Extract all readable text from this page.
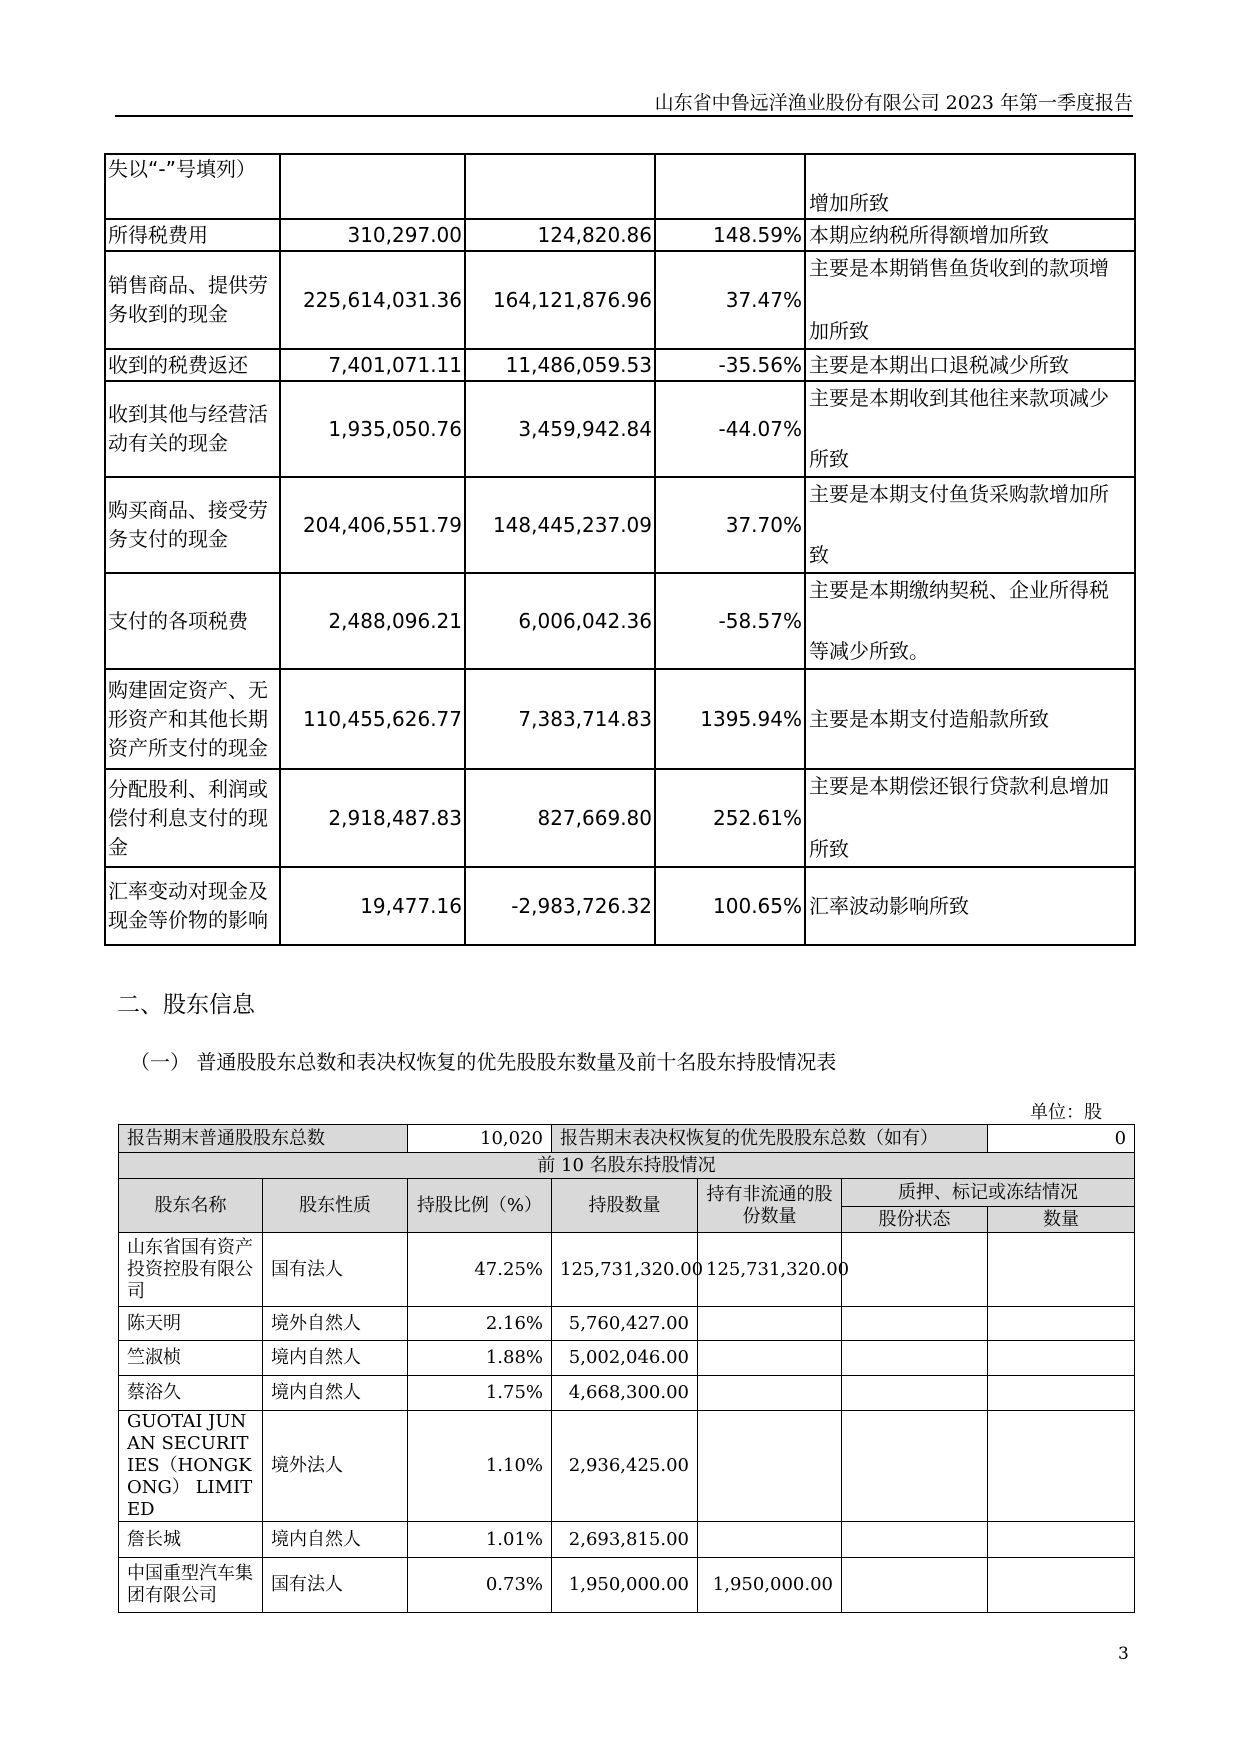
山东省中鲁远洋渔业股份有限公司 2023 年第一季度报告
失以“-”号填列）				增加所致
所得税费用	310,297.00	124,820.86	148.59%	本期应纳税所得额增加所致
销售商品、提供劳务收到的现金	225,614,031.36	164,121,876.96	37.47%	主要是本期销售鱼货收到的款项增
加所致

收到的税费返还	7,401,071.11	11,486,059.53	-35.56%	主要是本期出口退税减少所致
收到其他与经营活动有关的现金	1,935,050.76	3,459,942.84	-44.07%	主要是本期收到其他往来款项减少
所致

购买商品、接受劳务支付的现金	204,406,551.79	148,445,237.09	37.70%	主要是本期支付鱼货采购款增加所
致

支付的各项税费	2,488,096.21	6,006,042.36	-58.57%	主要是本期缴纳契税、企业所得税
等减少所致。

购建固定资产、无形资产和其他长期资产所支付的现金	110,455,626.77	7,383,714.83	1395.94%	主要是本期支付造船款所致
分配股利、利润或偿付利息支付的现金	2,918,487.83	827,669.80	252.61%	主要是本期偿还银行贷款利息增加
所致

汇率变动对现金及现金等价物的影响	19,477.16	-2,983,726.32	100.65%	汇率波动影响所致
二、股东信息
（一） 普通股股东总数和表决权恢复的优先股股东数量及前十名股东持股情况表
单位：股
报告期末普通股股东总数		10,020	报告期末表决权恢复的优先股股东总数（如有）			0
前 10 名股东持股情况						
股东名称	股东性质	持股比例（%）	持股数量	持有非流通的股份数量	质押、标记或冻结情况	
					股份状态	数量
山东省国有资产投资控股有限公司	国有法人	47.25%	125,731,320.00	125,731,320.00		
陈天明	境外自然人	2.16%	5,760,427.00			
竺淑桢	境内自然人	1.88%	5,002,046.00			
蔡浴久	境内自然人	1.75%	4,668,300.00			
GUOTAI JUNAN SECURITIES（HONGKONG） LIMITED	境外法人	1.10%	2,936,425.00			
詹长城	境内自然人	1.01%	2,693,815.00			
中国重型汽车集团有限公司	国有法人	0.73%	1,950,000.00	1,950,000.00		
3
